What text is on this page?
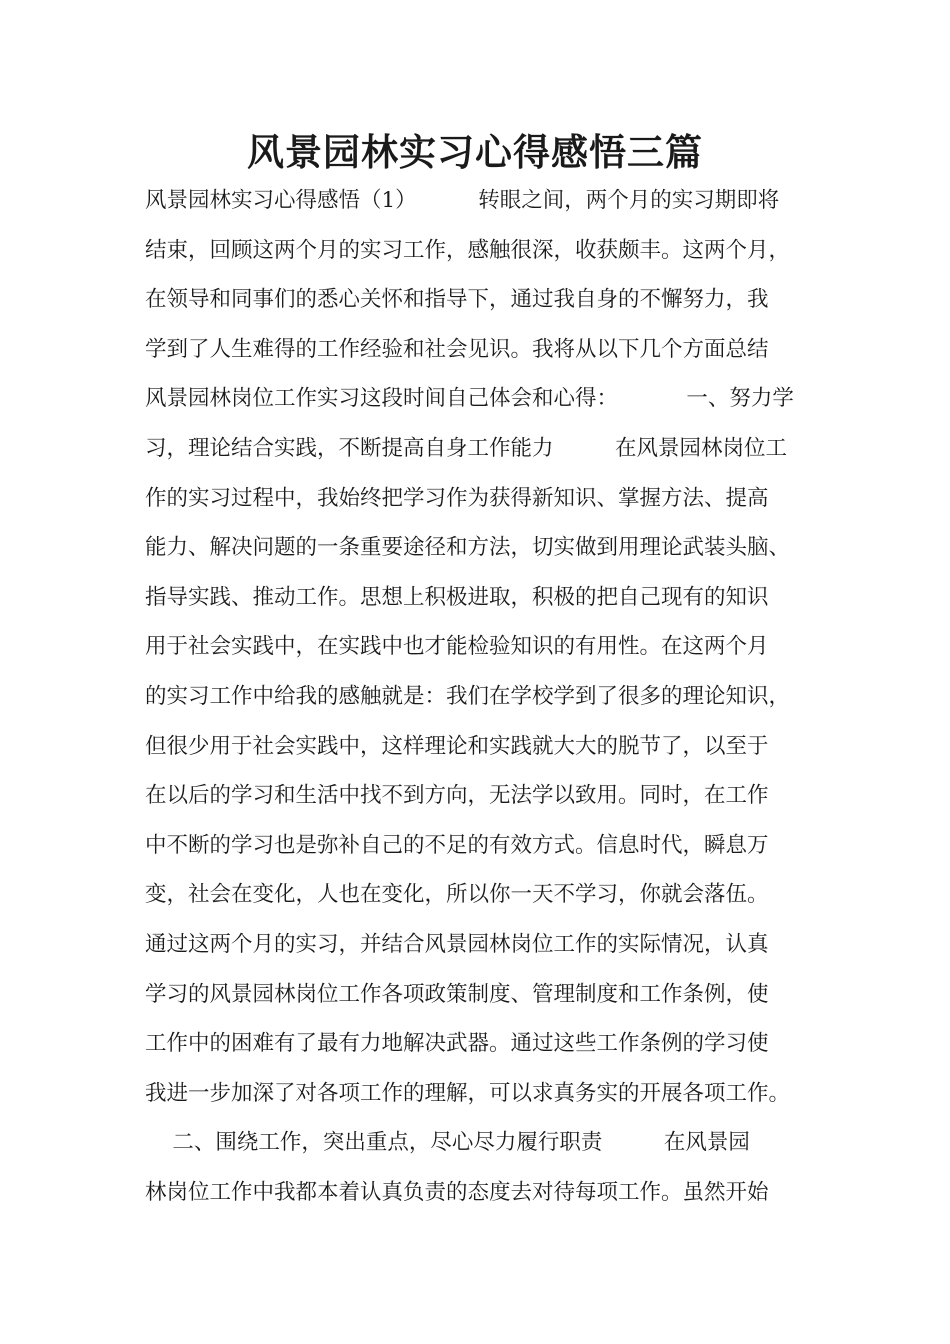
风景园林实习心得感悟三篇
风景园林实习心得感悟（1）         转眼之间，两个月的实习期即将
结束，回顾这两个月的实习工作，感触很深，收获颇丰。这两个月，
在领导和同事们的悉心关怀和指导下，通过我自身的不懈努力，我
学到了人生难得的工作经验和社会见识。我将从以下几个方面总结
风景园林岗位工作实习这段时间自己体会和心得：          一、努力学
习，理论结合实践，不断提高自身工作能力         在风景园林岗位工
作的实习过程中，我始终把学习作为获得新知识、掌握方法、提高
能力、解决问题的一条重要途径和方法，切实做到用理论武装头脑、
指导实践、推动工作。思想上积极进取，积极的把自己现有的知识
用于社会实践中，在实践中也才能检验知识的有用性。在这两个月
的实习工作中给我的感触就是：我们在学校学到了很多的理论知识，
但很少用于社会实践中，这样理论和实践就大大的脱节了，以至于
在以后的学习和生活中找不到方向，无法学以致用。同时，在工作
中不断的学习也是弥补自己的不足的有效方式。信息时代，瞬息万
变，社会在变化，人也在变化，所以你一天不学习，你就会落伍。
通过这两个月的实习，并结合风景园林岗位工作的实际情况，认真
学习的风景园林岗位工作各项政策制度、管理制度和工作条例，使
工作中的困难有了最有力地解决武器。通过这些工作条例的学习使
我进一步加深了对各项工作的理解，可以求真务实的开展各项工作。
二、围绕工作，突出重点，尽心尽力履行职责         在风景园
林岗位工作中我都本着认真负责的态度去对待每项工作。虽然开始
